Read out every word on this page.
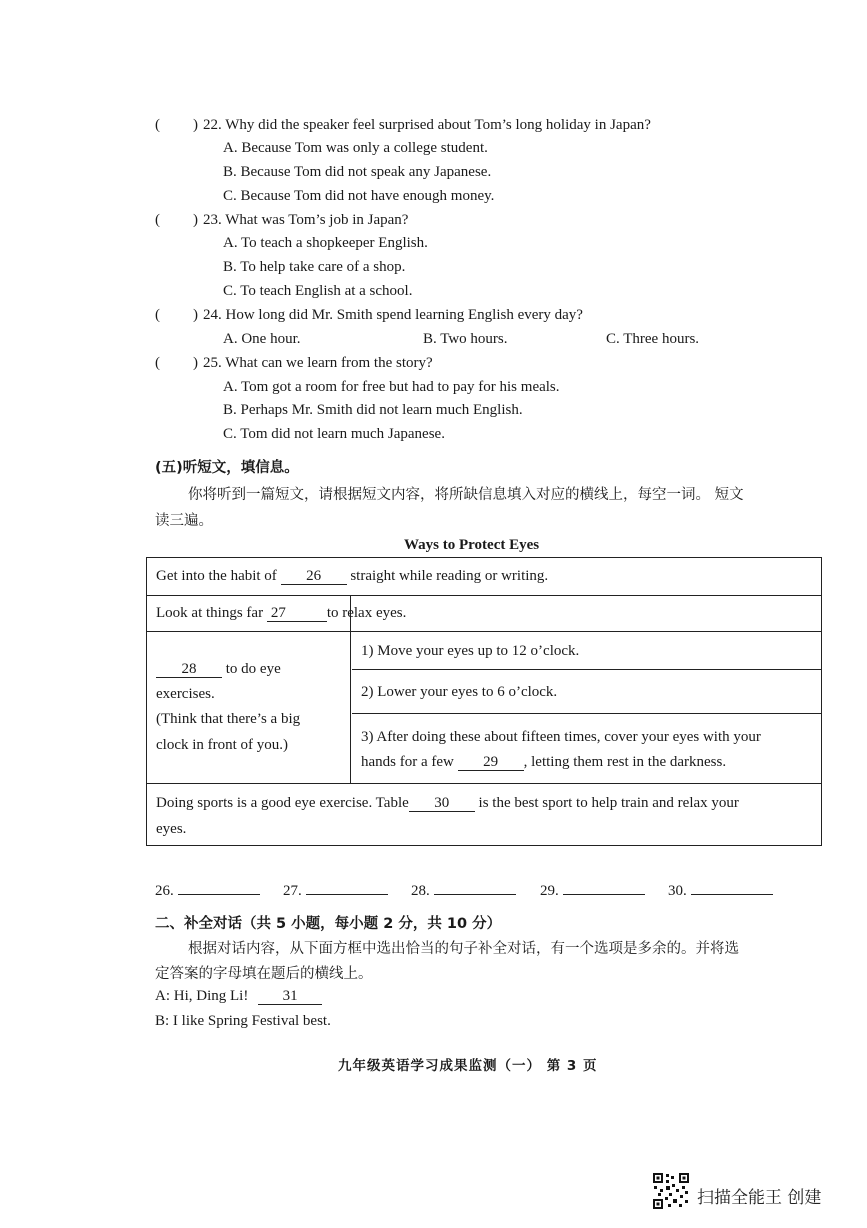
( ) 22. Why did the speaker feel surprised about Tom’s long holiday in Japan?
A. Because Tom was only a college student.
B. Because Tom did not speak any Japanese.
C. Because Tom did not have enough money.
( ) 23. What was Tom’s job in Japan?
A. To teach a shopkeeper English.
B. To help take care of a shop.
C. To teach English at a school.
( ) 24. How long did Mr. Smith spend learning English every day?
A. One hour.	B. Two hours.	C. Three hours.
( ) 25. What can we learn from the story?
A. Tom got a room for free but had to pay for his meals.
B. Perhaps Mr. Smith did not learn much English.
C. Tom did not learn much Japanese.
(五)听短文，填信息。
你将听到一篇短文，请根据短文内容，将所缺信息填入对应的横线上，每空一词。 短文
读三遍。
Ways to Protect Eyes
Get into the habit of 26 straight while reading or writing.
Look at things far 27	to relax eyes.
28 to do eye
exercises.
(Think that there’s a big
clock in front of you.)
1) Move your eyes up to 12 o’clock.
2) Lower your eyes to 6 o’clock.
3) After doing these about fifteen times, cover your eyes with your
hands for a few 29 , letting them rest in the darkness.
Doing sports is a good eye exercise. Table 30 is the best sport to help train and relax your
eyes.
26.	27.	28.	29.	30.
二、补全对话（共 5 小题，每小题 2 分，共 10 分）
根据对话内容，从下面方框中选出恰当的句子补全对话，有一个选项是多余的。并将选
定答案的字母填在题后的横线上。
A: Hi, Ding Li! 31
B: I like Spring Festival best.
九年级英语学习成果监测（一） 第 3 页
扫描全能王 创建
